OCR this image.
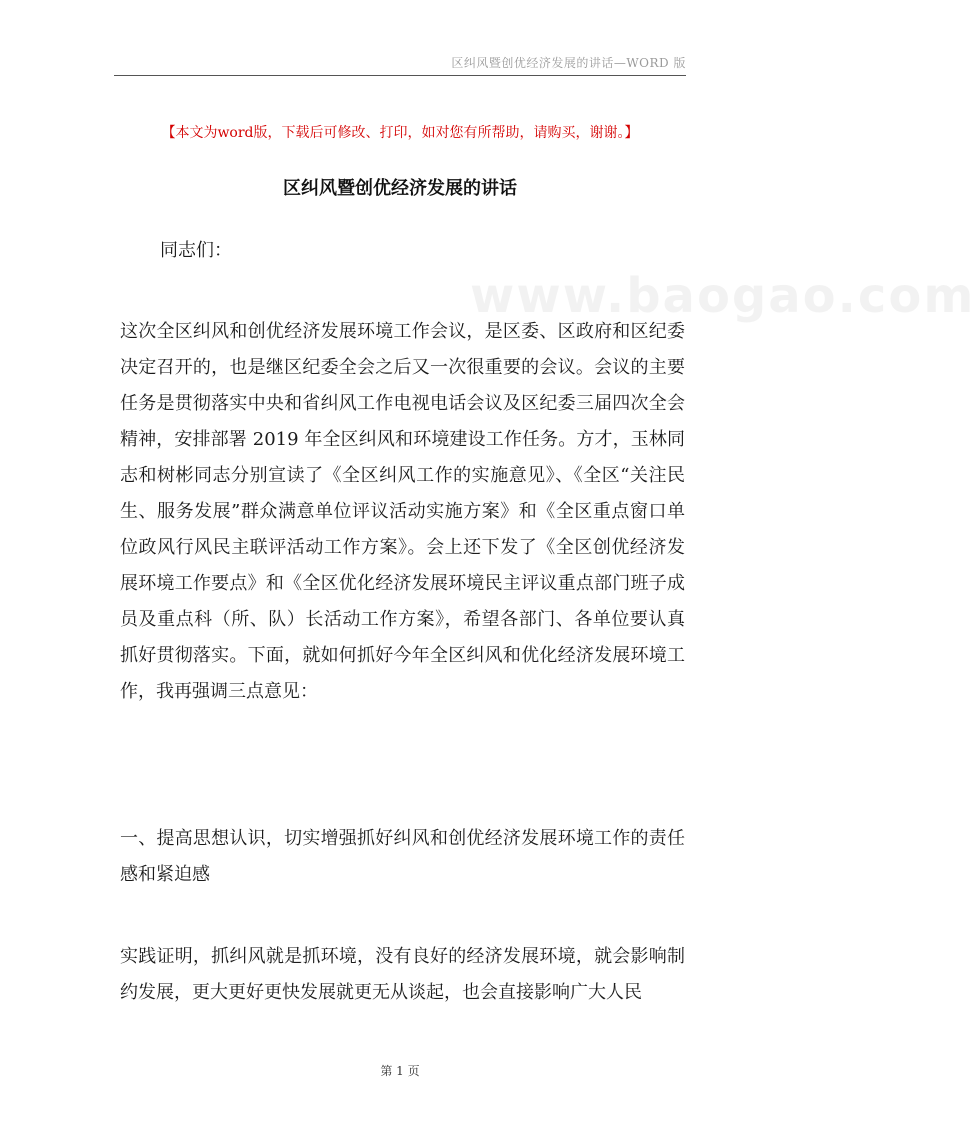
区纠风暨创优经济发展的讲话—WORD 版
www.baogao.com
【本文为word版，下载后可修改、打印，如对您有所帮助，请购买，谢谢。】
区纠风暨创优经济发展的讲话

同志们：

这次全区纠风和创优经济发展环境工作会议，是区委、区政府和区纪委决定召开的，也是继区纪委全会之后又一次很重要的会议。会议的主要任务是贯彻落实中央和省纠风工作电视电话会议及区纪委三届四次全会精神，安排部署 2019 年全区纠风和环境建设工作任务。方才，玉林同志和树彬同志分别宣读了《全区纠风工作的实施意见》、《全区“关注民生、服务发展”群众满意单位评议活动实施方案》和《全区重点窗口单位政风行风民主联评活动工作方案》。会上还下发了《全区创优经济发展环境工作要点》和《全区优化经济发展环境民主评议重点部门班子成员及重点科（所、队）长活动工作方案》，希望各部门、各单位要认真抓好贯彻落实。下面，就如何抓好今年全区纠风和优化经济发展环境工作，我再强调三点意见：

一、提高思想认识，切实增强抓好纠风和创优经济发展环境工作的责任感和紧迫感

实践证明，抓纠风就是抓环境，没有良好的经济发展环境，就会影响制约发展，更大更好更快发展就更无从谈起，也会直接影响广大人民

第 1 页
